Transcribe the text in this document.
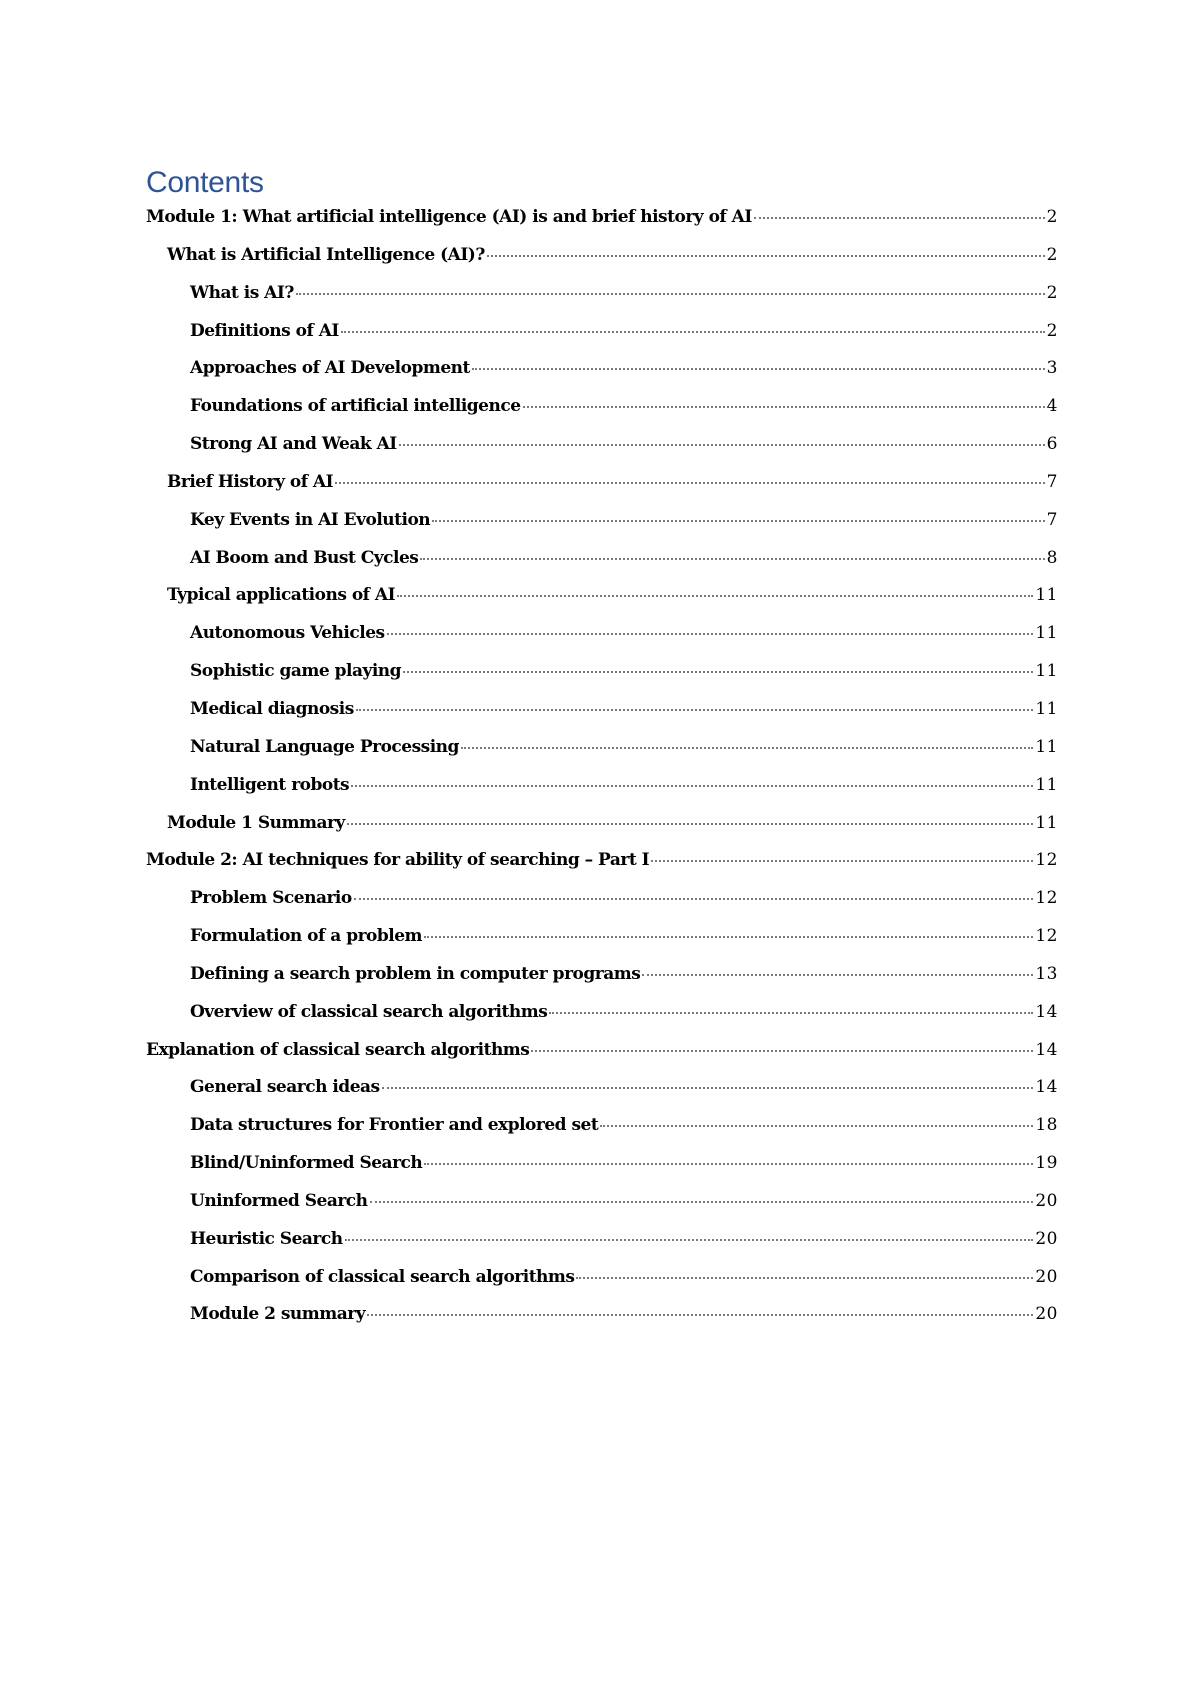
Contents
Module 1: What artificial intelligence (AI) is and brief history of AI	2
What is Artificial Intelligence (AI)?	2
What is AI?	2
Definitions of AI	2
Approaches of AI Development	3
Foundations of artificial intelligence	4
Strong AI and Weak AI	6
Brief History of AI	7
Key Events in AI Evolution	7
AI Boom and Bust Cycles	8
Typical applications of AI	11
Autonomous Vehicles	11
Sophistic game playing	11
Medical diagnosis	11
Natural Language Processing	11
Intelligent robots	11
Module 1 Summary	11
Module 2: AI techniques for ability of searching – Part I	12
Problem Scenario	12
Formulation of a problem	12
Defining a search problem in computer programs	13
Overview of classical search algorithms	14
Explanation of classical search algorithms	14
General search ideas	14
Data structures for Frontier and explored set	18
Blind/Uninformed Search	19
Uninformed Search	20
Heuristic Search	20
Comparison of classical search algorithms	20
Module 2 summary	20
